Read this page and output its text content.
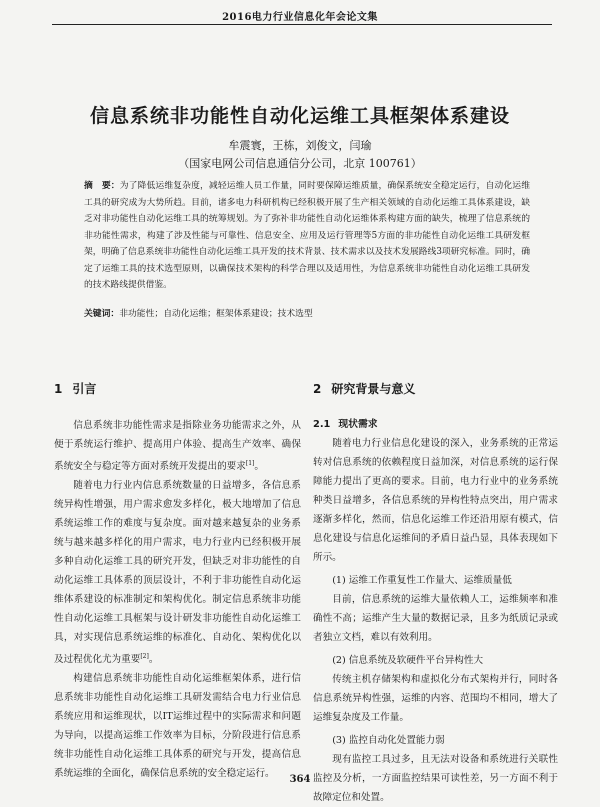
2016电力行业信息化年会论文集
信息系统非功能性自动化运维工具框架体系建设
牟震寰，王栋，刘俊文，闫瑜
（国家电网公司信息通信分公司，北京 100761）
摘　要：为了降低运维复杂度，减轻运维人员工作量，同时要保障运维质量，确保系统安全稳定运行，自动化运维工具的研究成为大势所趋。目前，诸多电力科研机构已经积极开展了生产相关领域的自动化运维工具体系建设，缺乏对非功能性自动化运维工具的统筹规划。为了弥补非功能性自动化运维体系构建方面的缺失，梳理了信息系统的非功能性需求，构建了涉及性能与可靠性、信息安全、应用及运行管理等5方面的非功能性自动化运维工具研发框架，明确了信息系统非功能性自动化运维工具开发的技术背景、技术需求以及技术发展路线3项研究标准。同时，确定了运维工具的技术选型原则，以确保技术架构的科学合理以及适用性，为信息系统非功能性自动化运维工具研发的技术路线提供借鉴。
关键词：非功能性；自动化运维；框架体系建设；技术选型
1 引言
信息系统非功能性需求是指除业务功能需求之外，从便于系统运行维护、提高用户体验、提高生产效率、确保系统安全与稳定等方面对系统开发提出的要求[1]。
随着电力行业内信息系统数量的日益增多，各信息系统异构性增强，用户需求愈发多样化，极大地增加了信息系统运维工作的难度与复杂度。面对越来越复杂的业务系统与越来越多样化的用户需求，电力行业内已经积极开展多种自动化运维工具的研究开发，但缺乏对非功能性的自动化运维工具体系的顶层设计，不利于非功能性自动化运维体系建设的标准制定和架构优化。制定信息系统非功能性自动化运维工具框架与设计研发非功能性自动化运维工具，对实现信息系统运维的标准化、自动化、架构优化以及过程优化尤为重要[2]。
构建信息系统非功能性自动化运维框架体系，进行信息系统非功能性自动化运维工具研发需结合电力行业信息系统应用和运维现状，以IT运维过程中的实际需求和问题为导向，以提高运维工作效率为目标，分阶段进行信息系统非功能性自动化运维工具体系的研究与开发，提高信息系统运维的全面化，确保信息系统的安全稳定运行。
2 研究背景与意义
2.1 现状需求
随着电力行业信息化建设的深入，业务系统的正常运转对信息系统的依赖程度日益加深，对信息系统的运行保障能力提出了更高的要求。目前，电力行业中的业务系统种类日益增多，各信息系统的异构性特点突出，用户需求逐渐多样化，然而，信息化运维工作还沿用原有模式，信息化建设与信息化运维间的矛盾日益凸显，具体表现如下所示。
(1) 运维工作重复性工作量大、运维质量低
目前，信息系统的运维大量依赖人工，运维频率和准确性不高；运维产生大量的数据记录，且多为纸质记录或者独立文档，难以有效利用。
(2) 信息系统及软硬件平台异构性大
传统主机存储架构和虚拟化分布式架构并行，同时各信息系统异构性强，运维的内容、范围均不相同，增大了运维复杂度及工作量。
(3) 监控自动化处置能力弱
现有监控工具过多，且无法对设备和系统进行关联性监控及分析，一方面监控结果可读性差，另一方面不利于故障定位和处置。
364
